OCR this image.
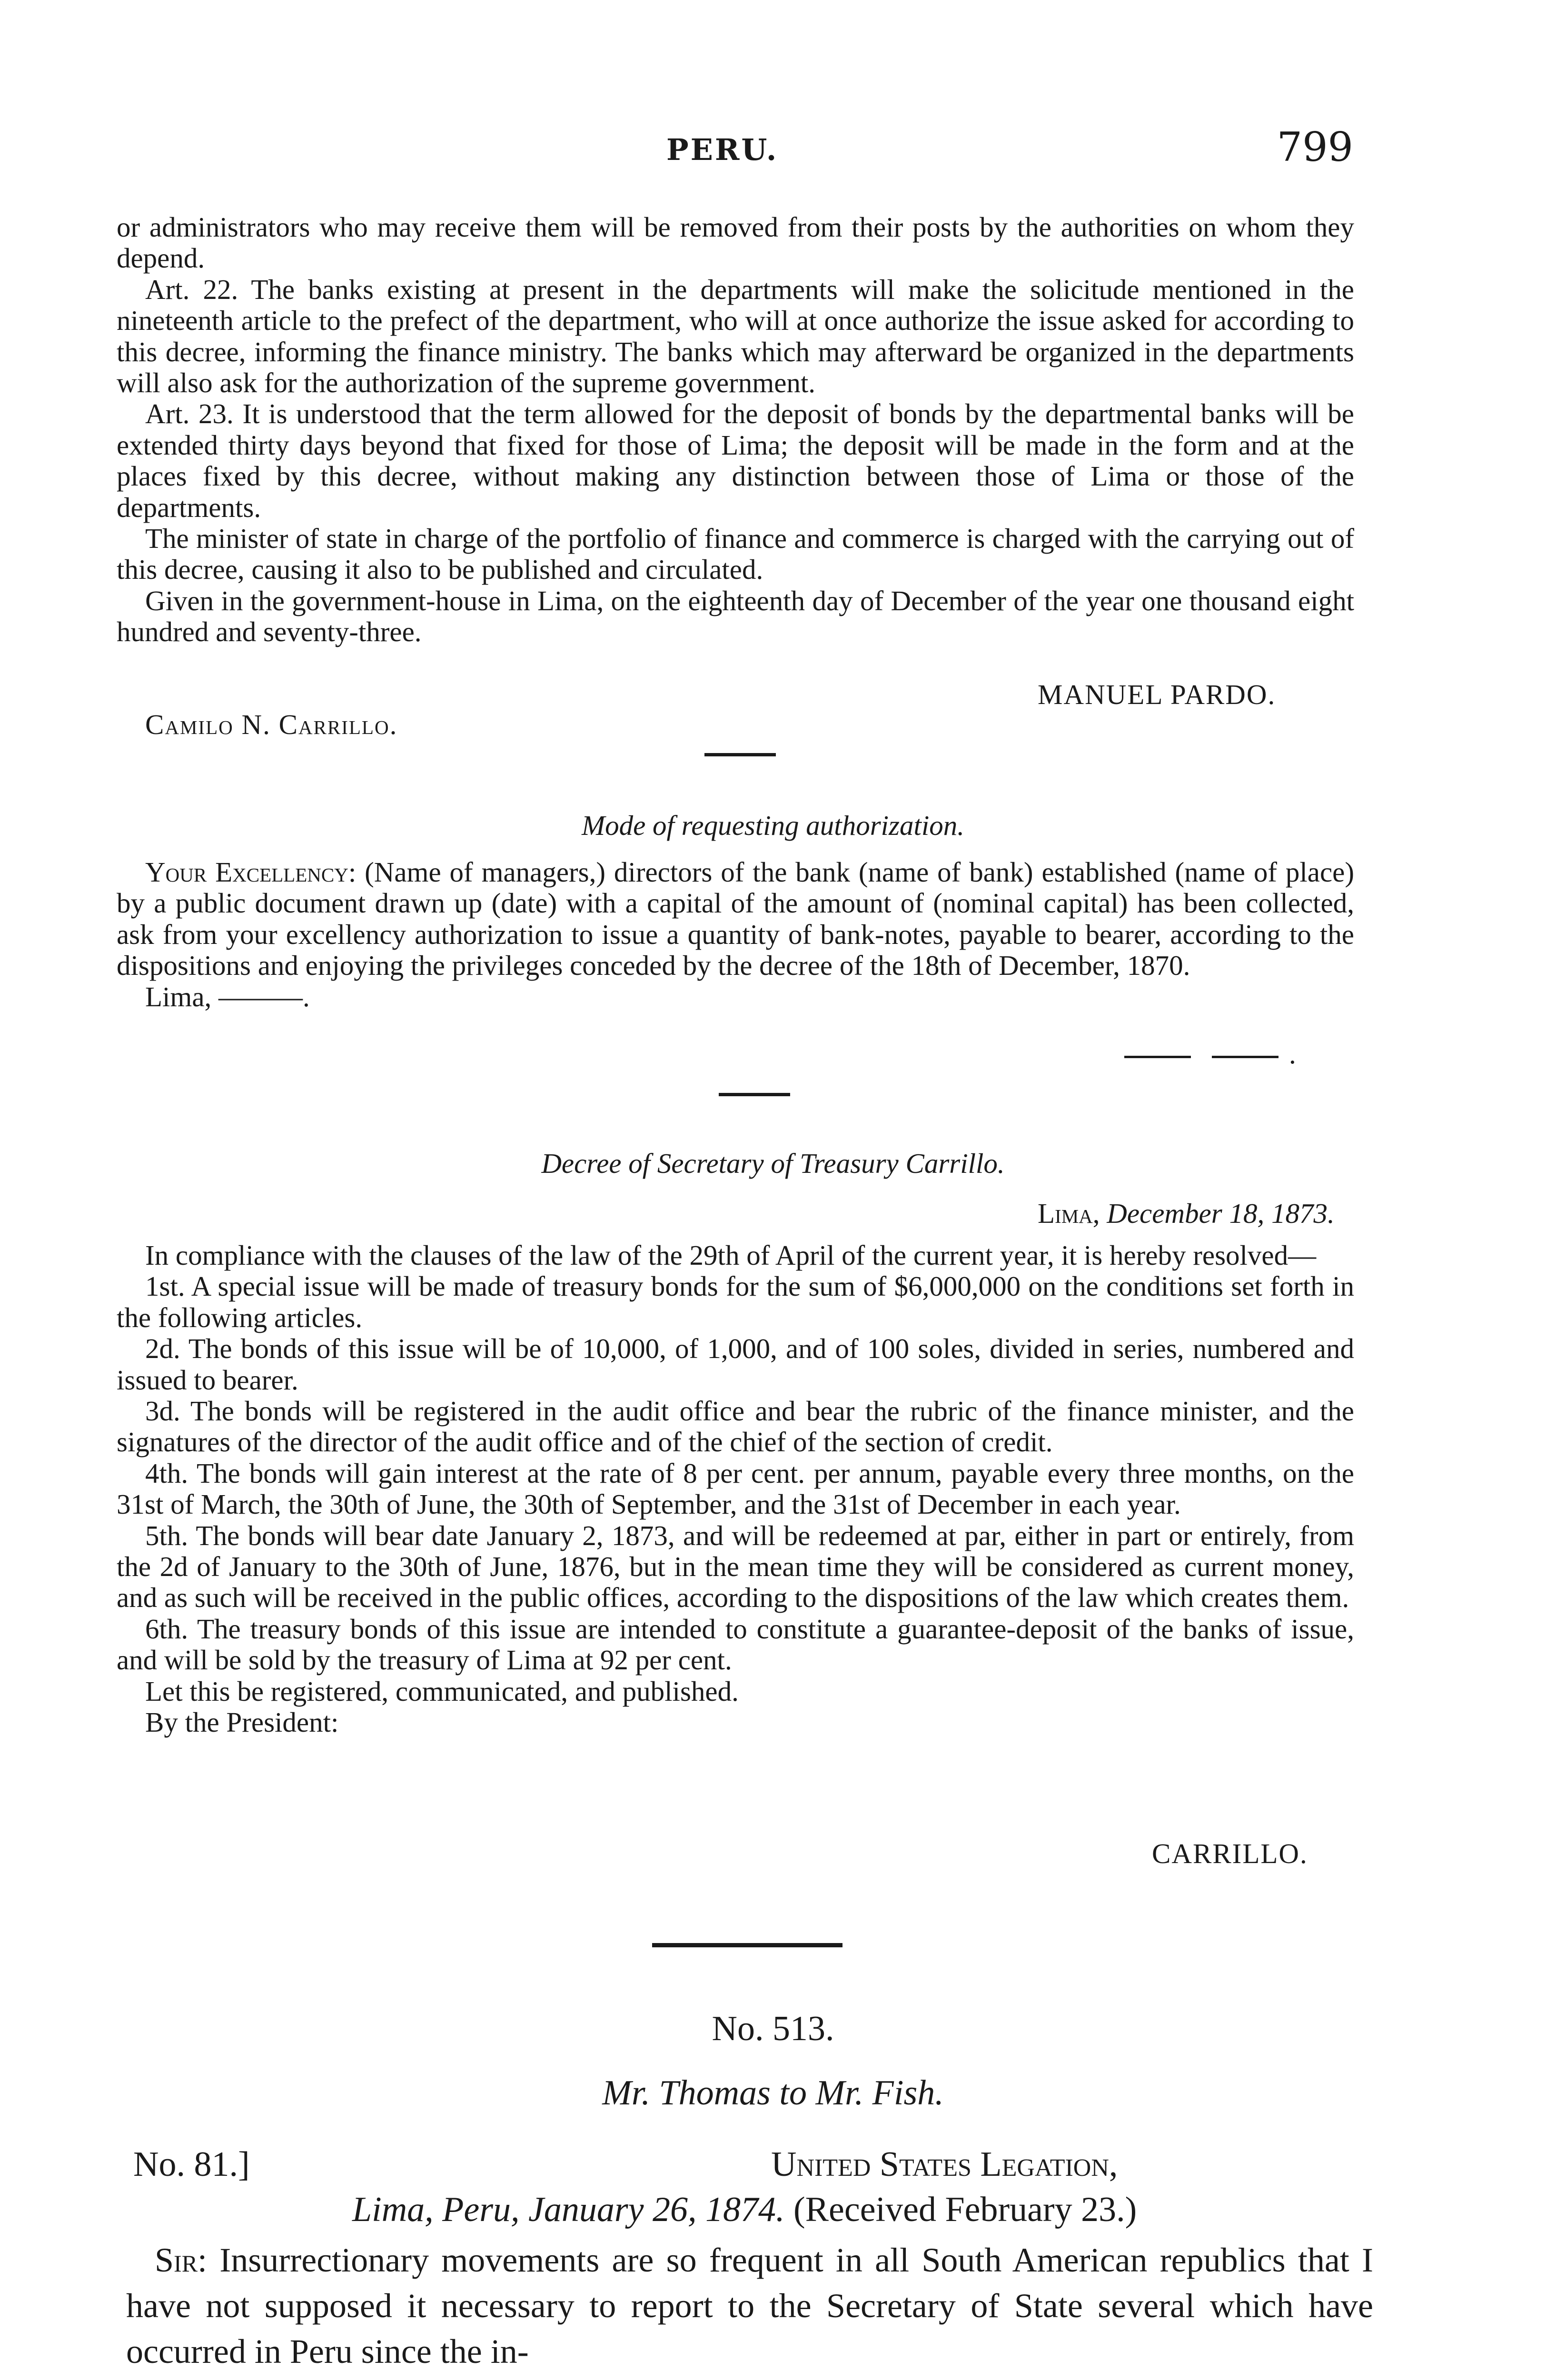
PERU.	799

or administrators who may receive them will be removed from their posts by the authorities on whom they depend.

Art. 22. The banks existing at present in the departments will make the solicitude mentioned in the nineteenth article to the prefect of the department, who will at once authorize the issue asked for according to this decree, informing the finance ministry. The banks which may afterward be organized in the departments will also ask for the authorization of the supreme government.

Art. 23. It is understood that the term allowed for the deposit of bonds by the departmental banks will be extended thirty days beyond that fixed for those of Lima; the deposit will be made in the form and at the places fixed by this decree, without making any distinction between those of Lima or those of the departments.

The minister of state in charge of the portfolio of finance and commerce is charged with the carrying out of this decree, causing it also to be published and circulated.

Given in the government-house in Lima, on the eighteenth day of December of the year one thousand eight hundred and seventy-three.

MANUEL PARDO.
Camilo N. Carrillo.
Mode of requesting authorization.

Your Excellency: (Name of managers,) directors of the bank (name of bank) established (name of place) by a public document drawn up (date) with a capital of the amount of (nominal capital) has been collected, ask from your excellency authorization to issue a quantity of bank-notes, payable to bearer, according to the dispositions and enjoying the privileges conceded by the decree of the 18th of December, 1870.

Lima, ———.

.
Decree of Secretary of Treasury Carrillo.
Lima, December 18, 1873.

In compliance with the clauses of the law of the 29th of April of the current year, it is hereby resolved—

1st. A special issue will be made of treasury bonds for the sum of $6,000,000 on the conditions set forth in the following articles.

2d. The bonds of this issue will be of 10,000, of 1,000, and of 100 soles, divided in series, numbered and issued to bearer.

3d. The bonds will be registered in the audit office and bear the rubric of the finance minister, and the signatures of the director of the audit office and of the chief of the section of credit.

4th. The bonds will gain interest at the rate of 8 per cent. per annum, payable every three months, on the 31st of March, the 30th of June, the 30th of September, and the 31st of December in each year.

5th. The bonds will bear date January 2, 1873, and will be redeemed at par, either in part or entirely, from the 2d of January to the 30th of June, 1876, but in the mean time they will be considered as current money, and as such will be received in the public offices, according to the dispositions of the law which creates them.

6th. The treasury bonds of this issue are intended to constitute a guarantee-deposit of the banks of issue, and will be sold by the treasury of Lima at 92 per cent.

Let this be registered, communicated, and published.

By the President:

CARRILLO.
No. 513.
Mr. Thomas to Mr. Fish.
No. 81.]	United States Legation,
Lima, Peru, January 26, 1874. (Received February 23.)

Sir: Insurrectionary movements are so frequent in all South American republics that I have not supposed it necessary to report to the Secretary of State several which have occurred in Peru since the in-
